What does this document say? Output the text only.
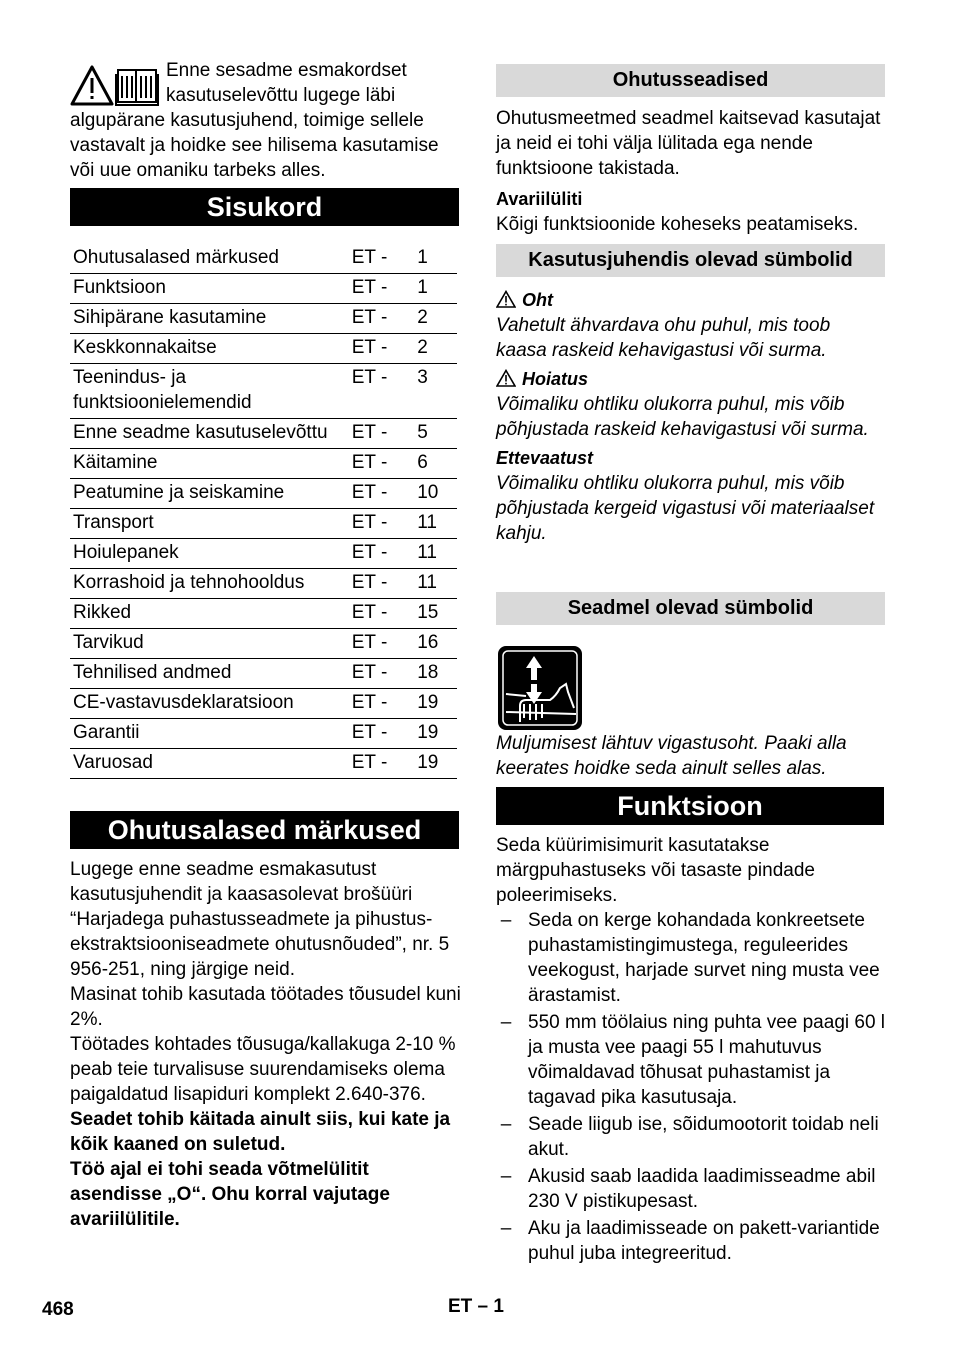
Enne sesadme esmakordset kasutuselevõttu lugege läbi algupärane kasutusjuhend, toimige sellele vastavalt ja hoidke see hilisema kasutamise või uue omaniku tarbeks alles.

Sisukord
Ohutusalased märkused	ET -	1
Funktsioon	ET -	1
Sihipärane kasutamine	ET -	2
Keskkonnakaitse	ET -	2
Teenindus- ja funktsioonielemendid	ET -	3
Enne seadme kasutuselevõttu	ET -	5
Käitamine	ET -	6
Peatumine ja seiskamine	ET -	10
Transport	ET -	11
Hoiulepanek	ET -	11
Korrashoid ja tehnohooldus	ET -	11
Rikked	ET -	15
Tarvikud	ET -	16
Tehnilised andmed	ET -	18
CE-vastavusdeklaratsioon	ET -	19
Garantii	ET -	19
Varuosad	ET -	19
Ohutusalased märkused

Lugege enne seadme esmakasutust kasutusjuhendit ja kaasasolevat brošüüri “Harjadega puhastusseadmete ja pihustus-ekstraktsiooniseadmete ohutusnõuded”, nr. 5 956-251, ning järgige neid.

Masinat tohib kasutada töötades tõusudel kuni 2%.

Töötades kohtades tõusuga/kallakuga 2-10 % peab teie turvalisuse suurendamiseks olema paigaldatud lisapiduri komplekt 2.640-376.

Seadet tohib käitada ainult siis, kui kate ja kõik kaaned on suletud.

Töö ajal ei tohi seada võtmelülitit asendisse „O“. Ohu korral vajutage avariilülitile.

Ohutusseadised

Ohutusmeetmed seadmel kaitsevad kasutajat ja neid ei tohi välja lülitada ega nende funktsioone takistada.

Avariilüliti

Kõigi funktsioonide koheseks peatamiseks.

Kasutusjuhendis olevad sümbolid

Oht

Vahetult ähvardava ohu puhul, mis toob kaasa raskeid kehavigastusi või surma.

Hoiatus

Võimaliku ohtliku olukorra puhul, mis võib põhjustada raskeid kehavigastusi või surma.

Ettevaatust

Võimaliku ohtliku olukorra puhul, mis võib põhjustada kergeid vigastusi või materiaalset kahju.

Seadmel olevad sümbolid

Muljumisest lähtuv vigastusoht. Paaki alla keerates hoidke seda ainult selles alas.

Funktsioon

Seda küürimisimurit kasutatakse märgpuhastuseks või tasaste pindade poleerimiseks.

– Seda on kerge kohandada konkreetsete puhastamistingimustega, reguleerides veekogust, harjade survet ning musta vee ärastamist.
– 550 mm töölaius ning puhta vee paagi 60 l ja musta vee paagi 55 l mahutuvus võimaldavad tõhusat puhastamist ja tagavad pika kasutusaja.
– Seade liigub ise, sõidumootorit toidab neli akut.
– Akusid saab laadida laadimisseadme abil 230 V pistikupesast.
– Aku ja laadimisseade on pakett-variantide puhul juba integreeritud.
468	ET – 1
